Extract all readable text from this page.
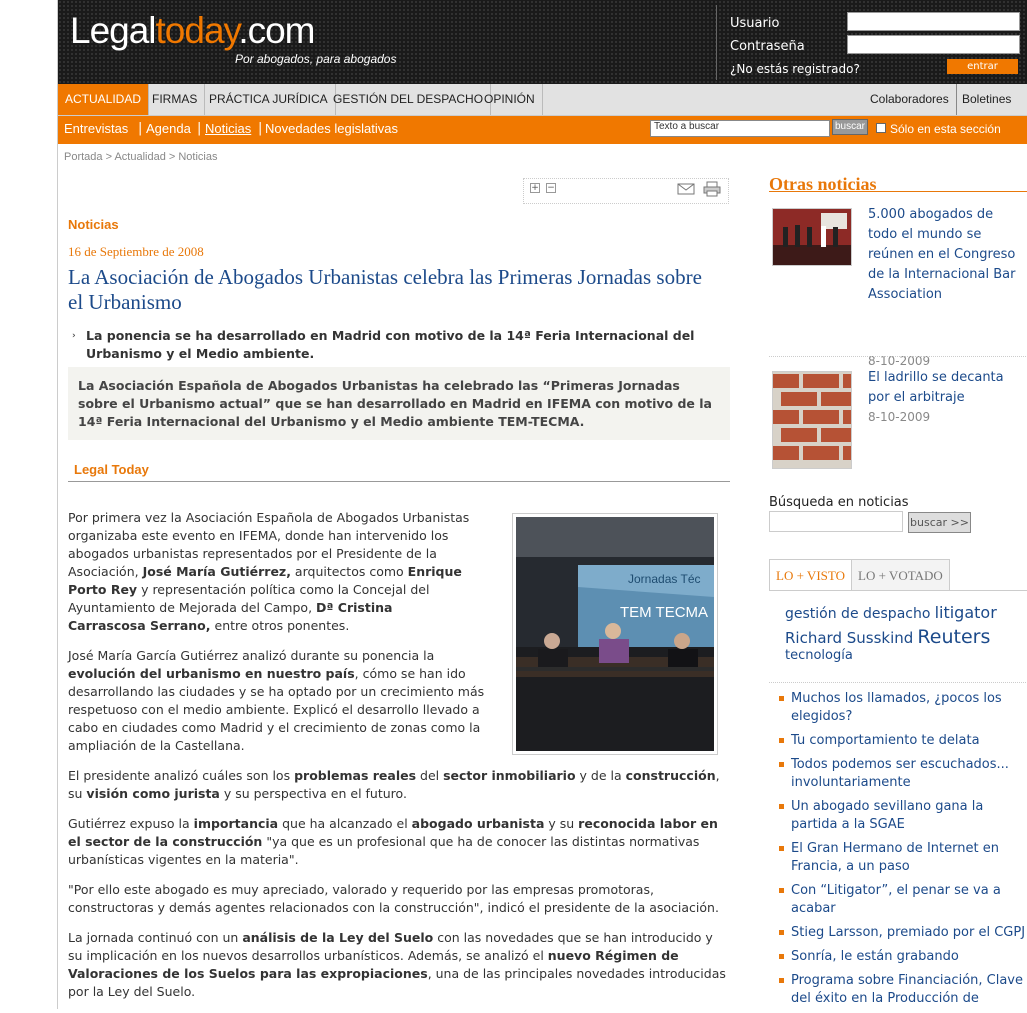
Legaltoday.com
Por abogados, para abogados
Usuario
Contraseña
¿No estás registrado?	entrar
ACTUALIDAD FIRMAS PRÁCTICA JURÍDICA GESTIÓN DEL DESPACHO OPINIÓN	Colaboradores	Boletines
Entrevistas | Agenda | Noticias | Novedades legislativas	Texto a buscar	buscar Sólo en esta sección
Portada > Actualidad > Noticias
+ −
Noticias
16 de Septiembre de 2008
La Asociación de Abogados Urbanistas celebra las Primeras Jornadas sobre el Urbanismo
› La ponencia se ha desarrollado en Madrid con motivo de la 14ª Feria Internacional del Urbanismo y el Medio ambiente.
La Asociación Española de Abogados Urbanistas ha celebrado las “Primeras Jornadas sobre el Urbanismo actual” que se han desarrollado en Madrid en IFEMA con motivo de la 14ª Feria Internacional del Urbanismo y el Medio ambiente TEM-TECMA.
Legal Today
Jornadas Téc
TEM TECMA

Por primera vez la Asociación Española de Abogados Urbanistas organizaba este evento en IFEMA, donde han intervenido los abogados urbanistas representados por el Presidente de la Asociación, José María Gutiérrez, arquitectos como Enrique Porto Rey y representación política como la Concejal del Ayuntamiento de Mejorada del Campo, Dª Cristina Carrascosa Serrano, entre otros ponentes.

José María García Gutiérrez analizó durante su ponencia la evolución del urbanismo en nuestro país, cómo se han ido desarrollando las ciudades y se ha optado por un crecimiento más respetuoso con el medio ambiente. Explicó el desarrollo llevado a cabo en ciudades como Madrid y el crecimiento de zonas como la ampliación de la Castellana.

El presidente analizó cuáles son los problemas reales del sector inmobiliario y de la construcción, su visión como jurista y su perspectiva en el futuro.

Gutiérrez expuso la importancia que ha alcanzado el abogado urbanista y su reconocida labor en el sector de la construcción "ya que es un profesional que ha de conocer las distintas normativas urbanísticas vigentes en la materia".

"Por ello este abogado es muy apreciado, valorado y requerido por las empresas promotoras, constructoras y demás agentes relacionados con la construcción", indicó el presidente de la asociación.

La jornada continuó con un análisis de la Ley del Suelo con las novedades que se han introducido y su implicación en los nuevos desarrollos urbanísticos. Además, se analizó el nuevo Régimen de Valoraciones de los Suelos para las expropiaciones, una de las principales novedades introducidas por la Ley del Suelo.

Otras noticias
5.000 abogados de todo el mundo se reúnen en el Congreso de la Internacional Bar Association
8-10-2009
El ladrillo se decanta por el arbitraje
8-10-2009
Búsqueda en noticias
buscar >>
LO + VISTO	LO + VOTADO
gestión de despacho litigator
Richard Susskind Reuters
tecnología
Muchos los llamados, ¿pocos los elegidos?
Tu comportamiento te delata
Todos podemos ser escuchados... involuntariamente
Un abogado sevillano gana la partida a la SGAE
El Gran Hermano de Internet en Francia, a un paso
Con “Litigator”, el penar se va a acabar
Stieg Larsson, premiado por el CGPJ
Sonría, le están grabando
Programa sobre Financiación, Clave del éxito en la Producción de
